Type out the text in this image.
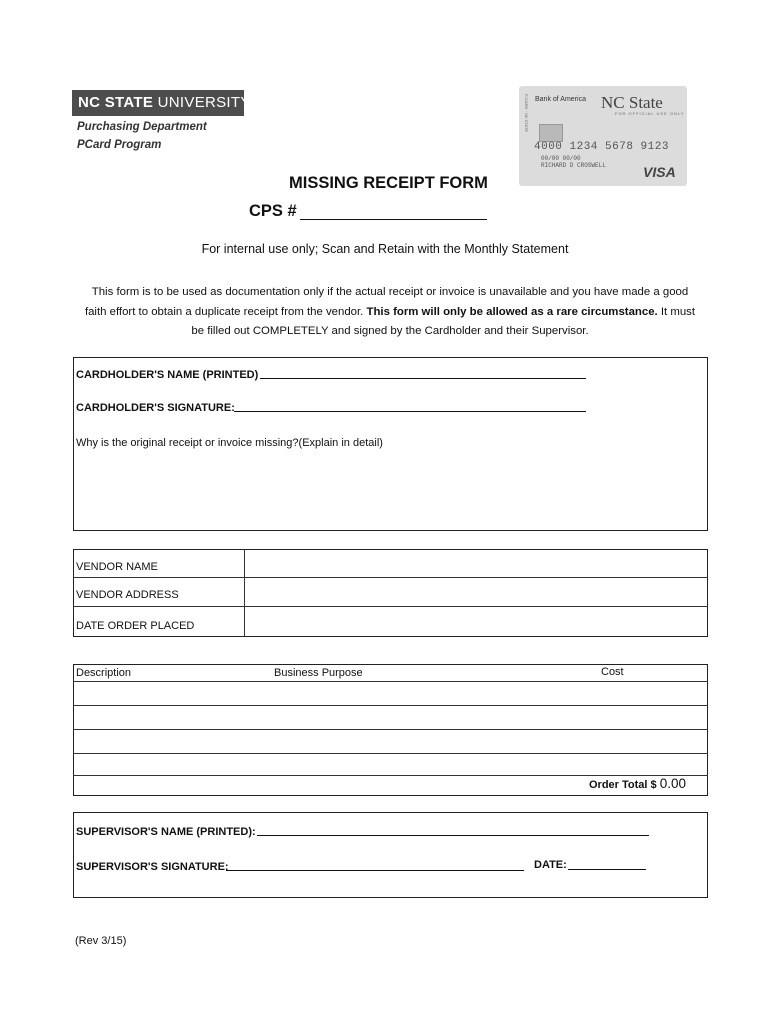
NC STATE UNIVERSITY
Purchasing Department
PCard Program
P-CARD · NC STATE Bank of America NC State
FOR OFFICIAL USE ONLY
4000 1234 5678 9123
00/00 00/00
RICHARD D CROSWELL	VISA
MISSING RECEIPT FORM
CPS #
For internal use only; Scan and Retain with the Monthly Statement
This form is to be used as documentation only if the actual receipt or invoice is unavailable and you have made a good faith effort to obtain a duplicate receipt from the vendor. This form will only be allowed as a rare circumstance. It must be filled out COMPLETELY and signed by the Cardholder and their Supervisor.
CARDHOLDER'S NAME (PRINTED)
CARDHOLDER'S SIGNATURE:
Why is the original receipt or invoice missing?(Explain in detail)
VENDOR NAME
VENDOR ADDRESS
DATE ORDER PLACED
Description	Business Purpose	Cost
Order Total $ 0.00
SUPERVISOR'S NAME (PRINTED):
SUPERVISOR'S SIGNATURE:	DATE:
(Rev 3/15)
